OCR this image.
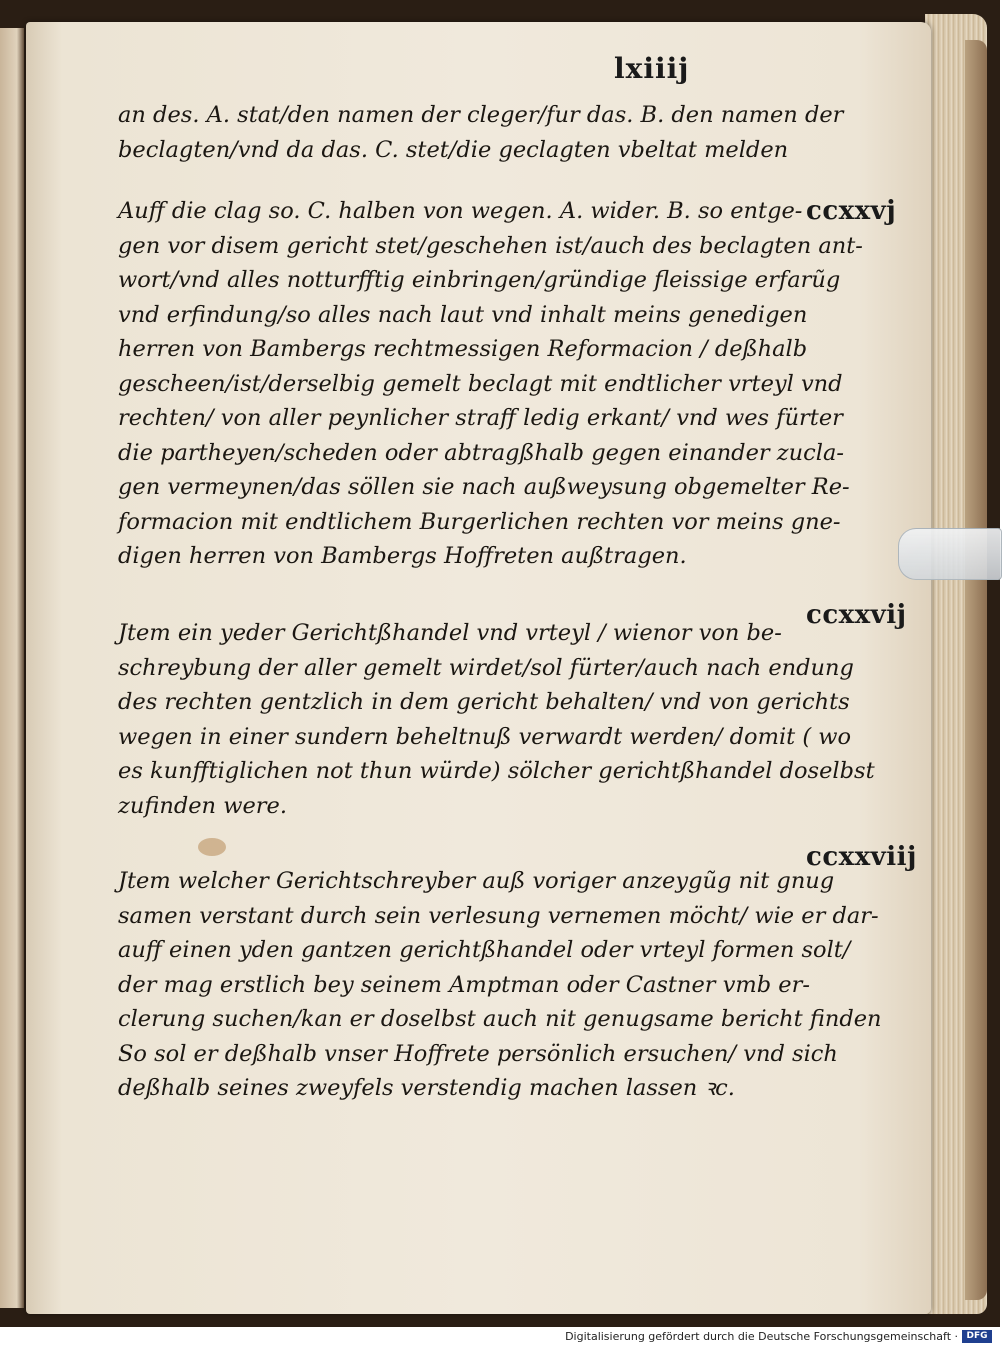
lxiiij
an des. A. stat/den namen der cleger/fur das. B. den namen der
beclagten/vnd da das. C. stet/die geclagten vbeltat melden
Auff die clag so. C. halben von wegen. A. wider. B. so entge-
gen vor disem gericht stet/geschehen ist/auch des beclagten ant-
wort/vnd alles notturfftig einbringen/gründige fleissige erfarũg
vnd erfindung/so alles nach laut vnd inhalt meins genedigen
herren von Bambergs rechtmessigen Reformacion / deßhalb
gescheen/ist/derselbig gemelt beclagt mit endtlicher vrteyl vnd
rechten/ von aller peynlicher straff ledig erkant/ vnd wes fürter
die partheyen/scheden oder abtragßhalb gegen einander zucla-
gen vermeynen/das söllen sie nach außweysung obgemelter Re-
formacion mit endtlichem Burgerlichen rechten vor meins gne-
digen herren von Bambergs Hoffreten außtragen.
Jtem ein yeder Gerichtßhandel vnd vrteyl / wienor von be-
schreybung der aller gemelt wirdet/sol fürter/auch nach endung
des rechten gentzlich in dem gericht behalten/ vnd von gerichts
wegen in einer sundern beheltnuß verwardt werden/ domit ( wo
es kunfftiglichen not thun würde) sölcher gerichtßhandel doselbst
zufinden were.
Jtem welcher Gerichtschreyber auß voriger anzeygũg nit gnug
samen verstant durch sein verlesung vernemen möcht/ wie er dar-
auff einen yden gantzen gerichtßhandel oder vrteyl formen solt/
der mag erstlich bey seinem Amptman oder Castner vmb er-
clerung suchen/kan er doselbst auch nit genugsame bericht finden
So sol er deßhalb vnser Hoffrete persönlich ersuchen/ vnd sich
deßhalb seines zweyfels verstendig machen lassen ꝛc.
ccxxvj
ccxxvij
ccxxviij
Digitalisierung gefördert durch die Deutsche Forschungsgemeinschaft · DFG
